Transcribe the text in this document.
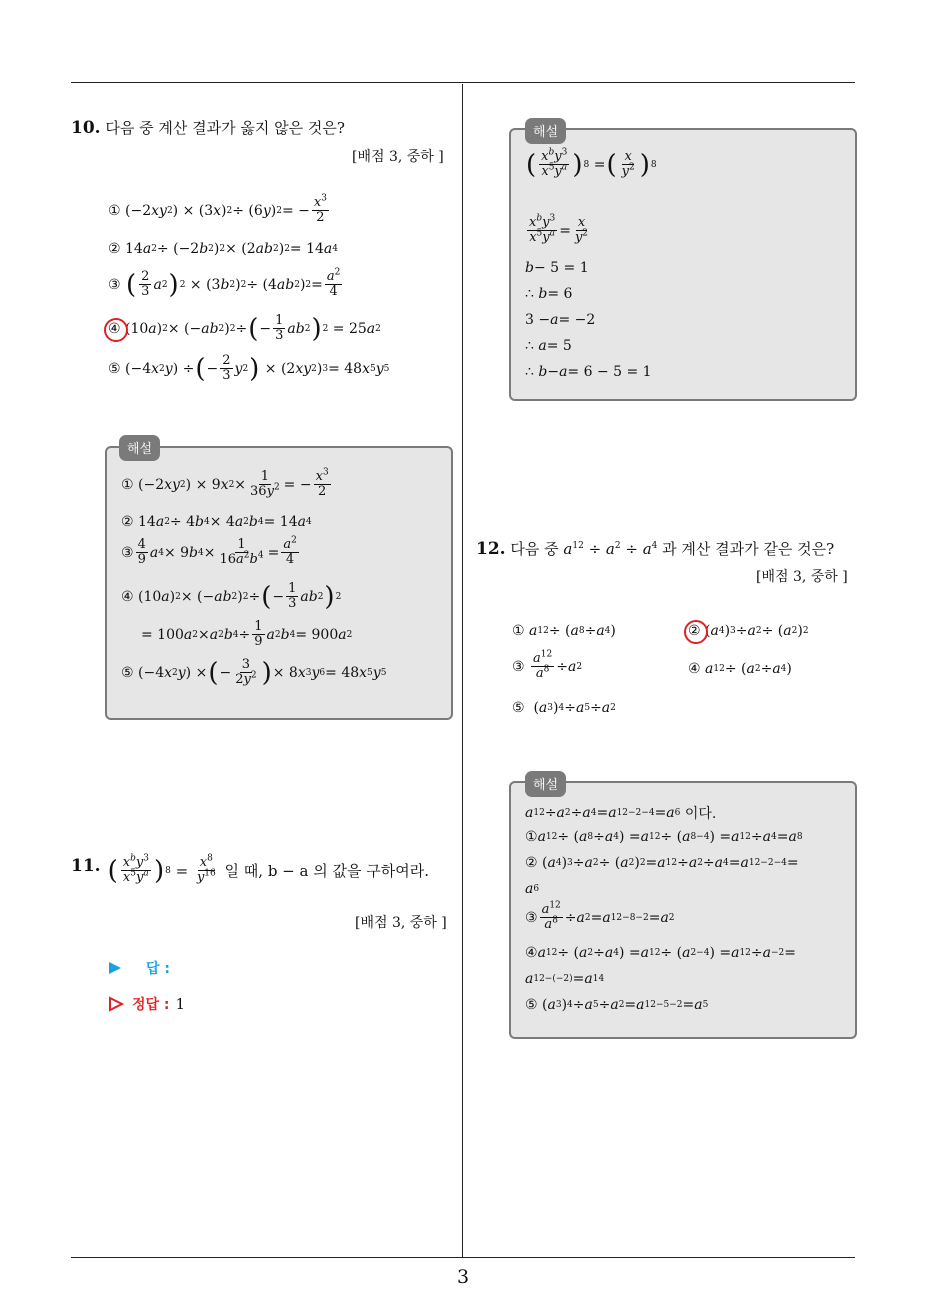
3
10. 다음 중 계산 결과가 옳지 않은 것은?
[배점 3, 중하 ]
① (−2 xy 2 ) × (3 x ) 2 ÷ (6 y ) 2 = − $\frac{x^3}{2}$
② 14 a 2 ÷ (−2 b 2 ) 2 × (2 ab 2 ) 2 = 14 a 4
③
( $\frac{2}{3}$ a 2 ) 2 × (3 b 2 ) 2 ÷ (4 ab 2 ) $2 = \frac{a^2}{4}$
④ (10 a ) 2 × (− ab 2 ) 2 ÷ ( − $\frac{1}{3}$ ab 2 ) 2 = 25 a 2
⑤ (−4 x 2 y ) ÷ ( − $\frac{2}{3}$ y 2 ) × (2 xy 2 ) 3 = 48 x 5 y 5
해설
① (−2 xy 2 ) × 9 x $2 \times \frac{1}{36y^2}$ = − $\frac{x^3}{2}$
② 14 a 2 ÷ 4 b 4 × 4 a 2 b 4 = 14 a 4
③ $\frac{4}{9}$ a 4 × 9 b $4 \times \frac{1}{16a^2b^4} = \frac{a^2}{4}$
④ (10 a ) 2 × (− ab 2 ) 2 ÷ ( − $\frac{1}{3}$ ab 2 ) 2
= 100 a 2 × a 2 b $4 \div \frac{1}{9}$ a 2 b 4 = 900 a 2
⑤ (−4 x 2 y ) × ( − $\frac{3}{2y^2}$ ) × 8 x 3 y 6 = 48 x 5 y 5
11. ( $\frac{x^by^3}{x^5y^a}$ ) $8 = \frac{x^8}{y^{16}}$
일 때, b − a 의 값을 구하여라.
[배점 3, 중하 ]
답 :
정답 : 1
해설
( $\frac{x^by^3}{x^5y^a}$ ) 8 = ( $\frac{x}{y^2}$ ) 8
$\frac{x^by^3}{x^5y^a} = \frac{x}{y^2}$
b − 5 = 1
∴ b = 6
3 − a = −2
∴ a = 5
∴ b − a = 6 − 5 = 1
12. 다음 중 $a^{12} \div a^2 \div a^4$ 과 계산 결과가 같은 것은?
[배점 3, 중하 ]
① a 12 ÷ ( a 8 ÷ a 4 )	② ( a 4 ) 3 ÷ a 2 ÷ ( a 2 ) 2
③ $\frac{a^{12}}{a^8} \div a$ 2	④ a 12 ÷ ( a 2 ÷ a 4 )
⑤  ( a 3 ) 4 ÷ a 5 ÷ a 2
해설
a 12 ÷ a 2 ÷ a 4 = a 12−2−4 = a 6
이다.
① a 12 ÷ ( a 8 ÷ a 4 ) = a 12 ÷ ( a 8−4 ) = a 12 ÷ a 4 = a 8
② ( a 4 ) 3 ÷ a 2 ÷ ( a 2 ) 2 = a 12 ÷ a 2 ÷ a 4 = a 12−2−4 =
a 6
③ $\frac{a^{12}}{a^8} \div a$ 2 = a 12−8−2 = a 2
④ a 12 ÷ ( a 2 ÷ a 4 ) = a 12 ÷ ( a 2−4 ) = a 12 ÷ a −2 =
a 12−(−2) = a 14
⑤ ( a 3 ) 4 ÷ a 5 ÷ a 2 = a 12−5−2 = a 5
